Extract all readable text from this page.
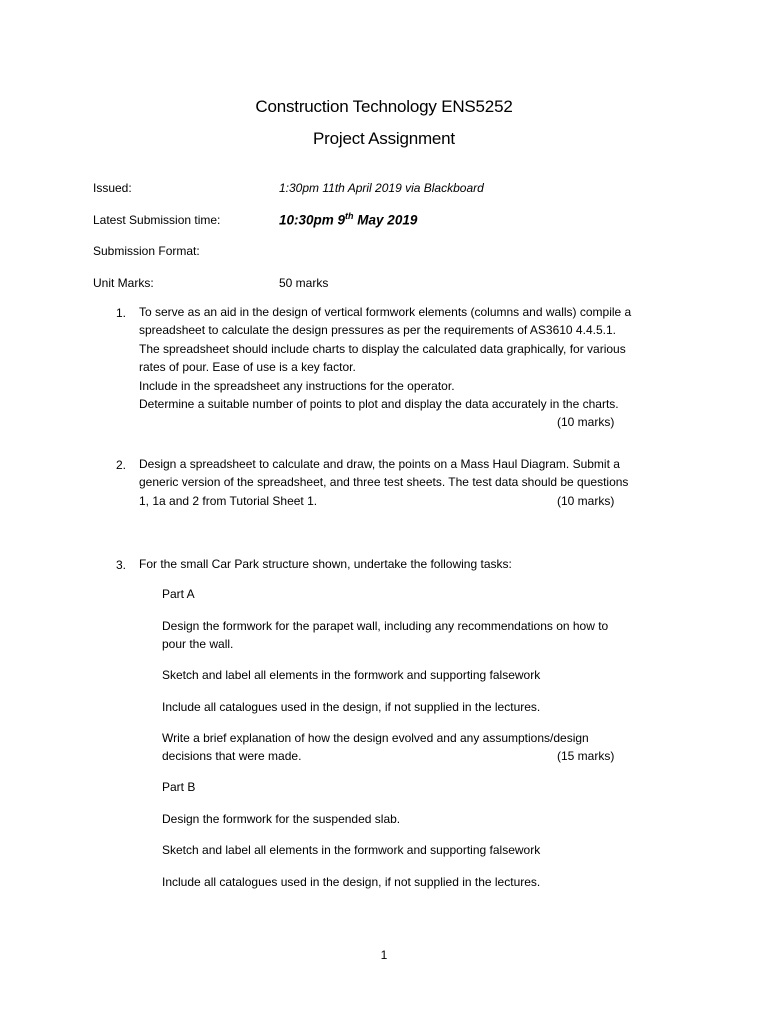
Construction Technology ENS5252
Project Assignment
Issued:	1:30pm 11th April 2019 via Blackboard
Latest Submission time:	10:30pm 9th May 2019
Submission Format:
Unit Marks:	50 marks
1. To serve as an aid in the design of vertical formwork elements (columns and walls) compile a
spreadsheet to calculate the design pressures as per the requirements of AS3610 4.4.5.1.
The spreadsheet should include charts to display the calculated data graphically, for various
rates of pour. Ease of use is a key factor.
Include in the spreadsheet any instructions for the operator.
Determine a suitable number of points to plot and display the data accurately in the charts.
(10 marks)

2. Design a spreadsheet to calculate and draw, the points on a Mass Haul Diagram. Submit a
generic version of the spreadsheet, and three test sheets. The test data should be questions
1, 1a and 2 from Tutorial Sheet 1.	(10 marks)
3. For the small Car Park structure shown, undertake the following tasks:
Part A
Design the formwork for the parapet wall, including any recommendations on how to
pour the wall.
Sketch and label all elements in the formwork and supporting falsework
Include all catalogues used in the design, if not supplied in the lectures.
Write a brief explanation of how the design evolved and any assumptions/design
decisions that were made.	(15 marks)
Part B
Design the formwork for the suspended slab.
Sketch and label all elements in the formwork and supporting falsework
Include all catalogues used in the design, if not supplied in the lectures.
1
